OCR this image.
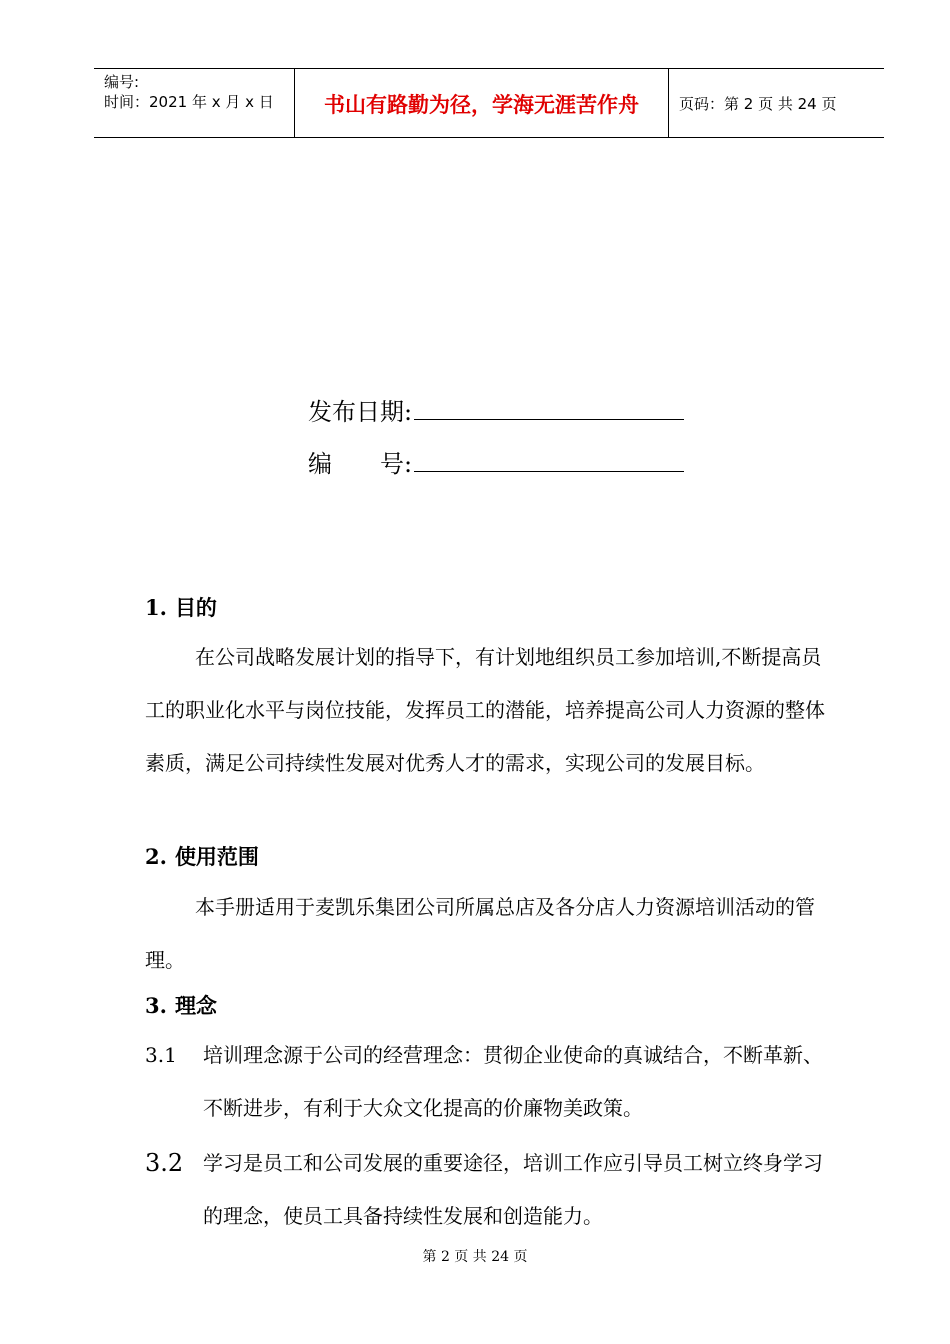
编号:
时间：2021 年 x 月 x 日	书山有路勤为径，学海无涯苦作舟	页码：第 2 页 共 24 页
发布日期:
编 号:
1. 目的
在公司战略发展计划的指导下，有计划地组织员工参加培训,不断提高员工的职业化水平与岗位技能，发挥员工的潜能，培养提高公司人力资源的整体素质，满足公司持续性发展对优秀人才的需求，实现公司的发展目标。
2. 使用范围
本手册适用于麦凯乐集团公司所属总店及各分店人力资源培训活动的管理。
3. 理念
3.1 培训理念源于公司的经营理念：贯彻企业使命的真诚结合，不断革新、不断进步，有利于大众文化提高的价廉物美政策。
3.2 学习是员工和公司发展的重要途径，培训工作应引导员工树立终身学习的理念，使员工具备持续性发展和创造能力。
第 2 页 共 24 页
